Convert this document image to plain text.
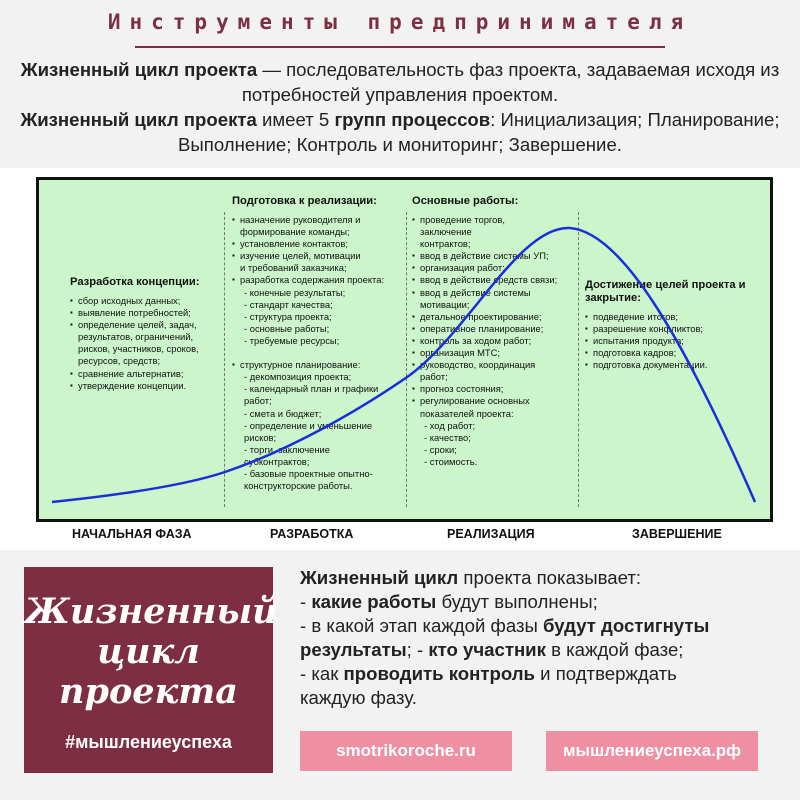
Инструменты предпринимателя
Жизненный цикл проекта — последовательность фаз проекта, задаваемая исходя из потребностей управления проектом.
Жизненный цикл проекта имеет 5 групп процессов: Инициализация; Планирование; Выполнение; Контроль и мониторинг; Завершение.
Разработка концепции:
▪ сбор исходных данных;
▪ выявление потребностей;
▪ определение целей, задач,
результатов, ограничений,
рисков, участников, сроков,
ресурсов, средств;
▪ сравнение альтернатив;
▪ утверждение концепции.
Подготовка к реализации:
▪ назначение руководителя и
формирование команды;
▪ установление контактов;
▪ изучение целей, мотивации
и требований заказчика;
▪ разработка содержания проекта:
- конечные результаты;
- стандарт качества;
- структура проекта;
- основные работы;
- требуемые ресурсы;

▪ структурное планирование:
- декомпозиция проекта;
- календарный план и графики
работ;
- смета и бюджет;
- определение и уменьшение
рисков;
- торги, заключение
субконтрактов;
- базовые проектные опытно-
конструкторские работы.
Основные работы:
▪ проведение торгов,
заключение
контрактов;
▪ ввод в действие системы УП;
▪ организация работ;
▪ ввод в действие средств связи;
▪ ввод в действие системы
мотивации;
▪ детальное проектирование;
▪ оперативное планирование;
▪ контроль за ходом работ;
▪ организация МТС;
▪ руководство, координация
работ;
▪ прогноз состояния;
▪ регулирование основных
показателей проекта:
- ход работ;
- качество;
- сроки;
- стоимость.
Достижение целей проекта и закрытие:
▪ подведение итогов;
▪ разрешение конфликтов;
▪ испытания продукта;
▪ подготовка кадров;
▪ подготовка документации.
НАЧАЛЬНАЯ ФАЗА	РАЗРАБОТКА	РЕАЛИЗАЦИЯ	ЗАВЕРШЕНИЕ
Жизненный
цикл
проекта
#мышлениеуспеха

Жизненный цикл проекта показывает:

- какие работы будут выполнены;

- в какой этап каждой фазы будут достигнуты

результаты; - кто участник в каждой фазе;

- как проводить контроль и подтверждать

каждую фазу.

smotrikoroche.ru	мышлениеуспеха.рф
